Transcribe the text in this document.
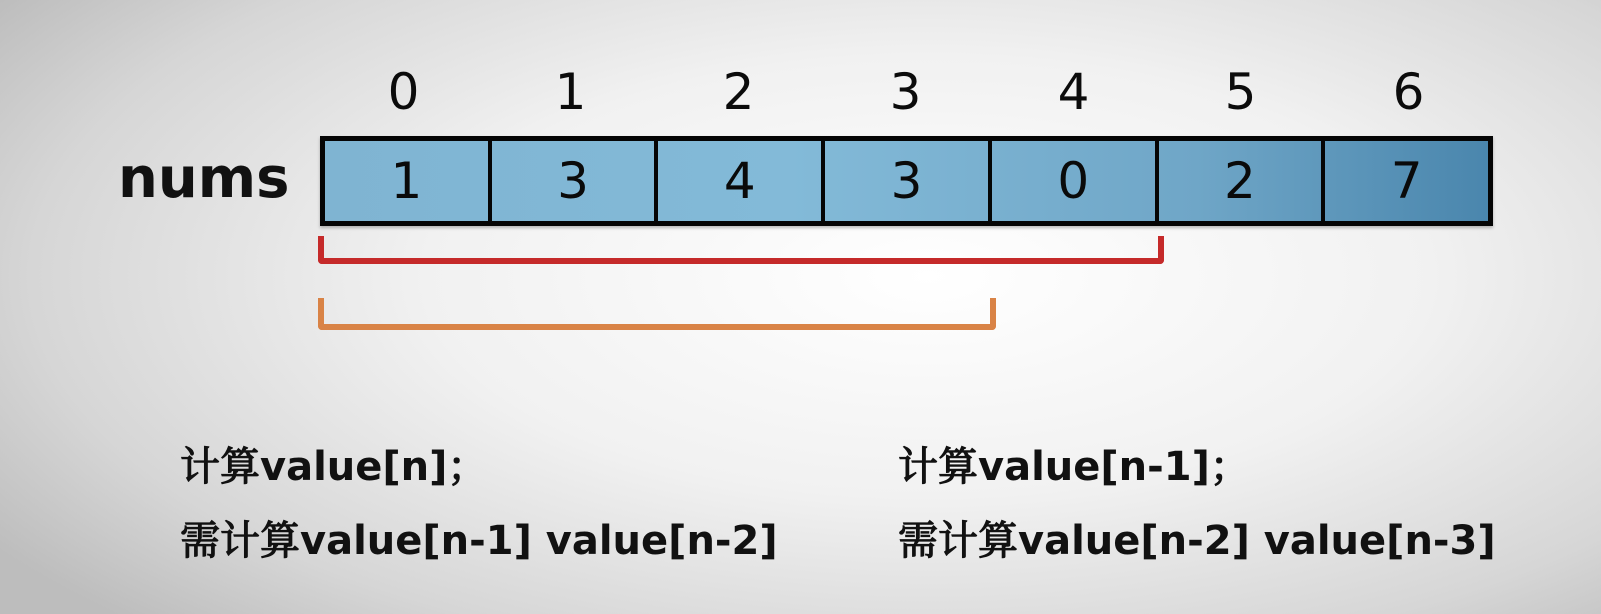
0	1	2	3	4	5	6
nums	1	3	4	3	0	2	7
计算value[n]；
需计算value[n-1] value[n-2]
计算value[n-1]；
需计算value[n-2] value[n-3]
